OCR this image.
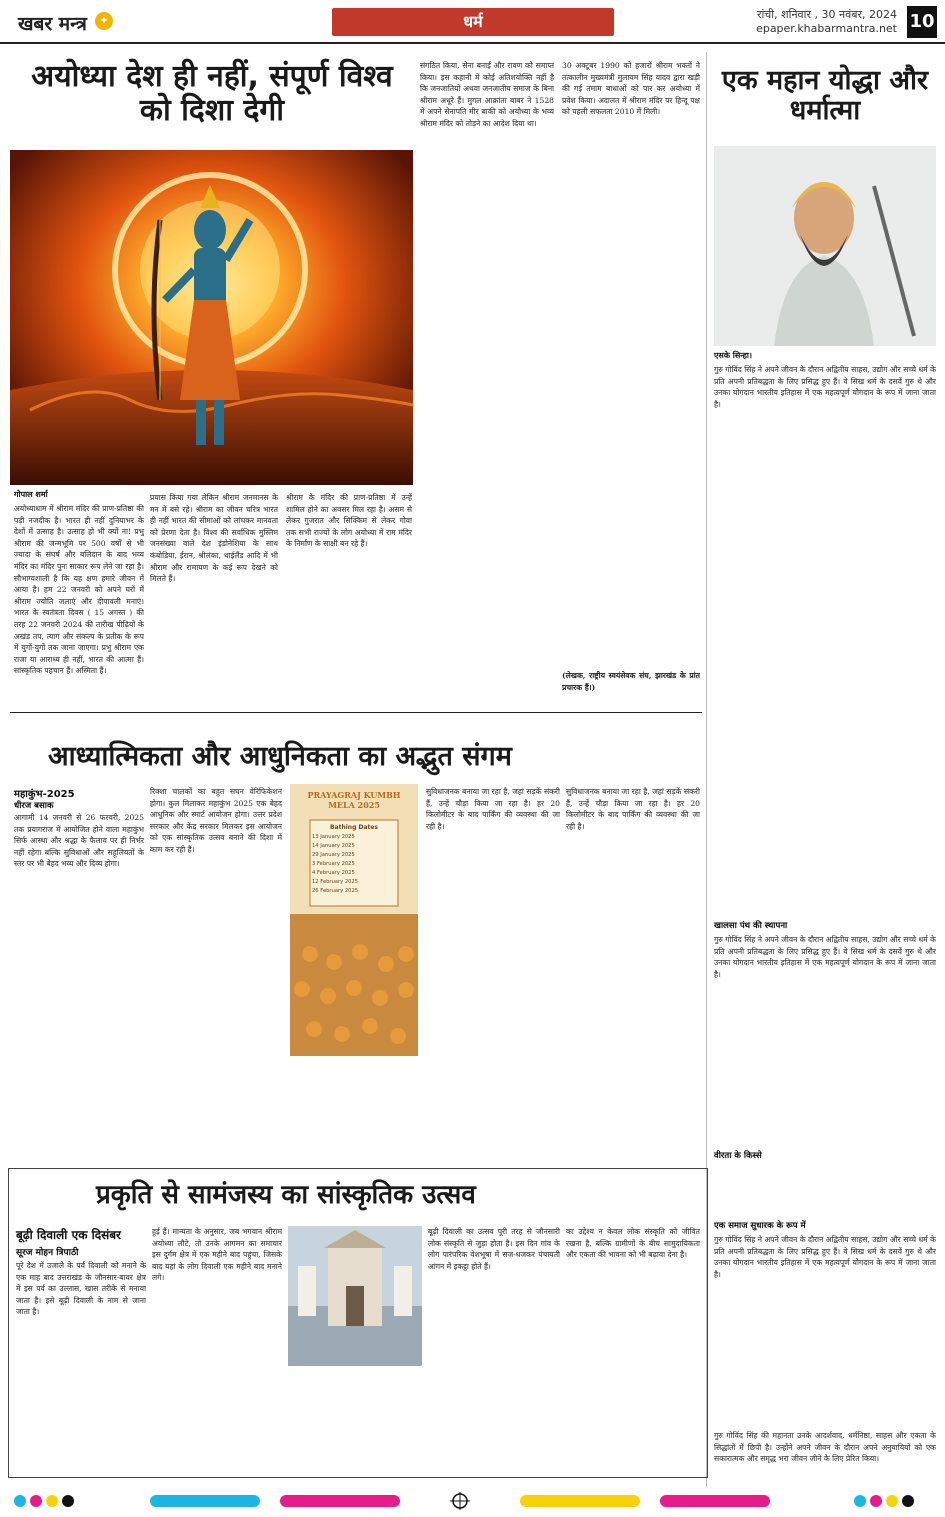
खबर मन्त्र	✦	धर्म	रांची, शनिवार , 30 नवंबर, 2024
epaper.khabarmantra.net 10
अयोध्या देश ही नहीं, संपूर्ण विश्व को दिशा देगी
गोपाल शर्मा
अयोध्याधाम में श्रीराम मंदिर की प्राण-प्रतिष्ठा की पड़ी नजदीक है। भारत ही नहीं दुनियाभर के देशों में उत्साह है। उत्साह हो भी क्यों ना! प्रभु श्रीराम की जन्मभूमि पर 500 वर्षों से भी ज्यादा के संघर्ष और बलिदान के बाद भव्य मंदिर का मंदिर पुनः साकार रूप लेने जा रहा है। सौभाग्यशाली है कि यह क्षण हमारे जीवन में आया है। हम 22 जनवरी को अपने घरों में श्रीराम ज्योति जलाएं और दीपावली मनाएं। भारत के स्वतंत्रता दिवस ( 15 अगस्त ) की तरह 22 जनवरी 2024 की तारीख पीढ़ियों के अखंड तप, त्याग और संकल्प के प्रतीक के रूप में युगों-युगों तक जाना जाएगा। प्रभु श्रीराम एक राजा या आराध्य ही नहीं, भारत की आत्मा हैं। सांस्कृतिक पहचान हैं। अस्मिता हैं।
प्रयास किया गया लेकिन श्रीराम जनमानस के मन में बसे रहे। श्रीराम का जीवन चरित्र भारत ही नहीं भारत की सीमाओं को लांघकर मानवता को प्रेरणा देता है। विश्व की सर्वाधिक मुस्लिम जनसंख्या वाले देश इंडोनेशिया के साथ कंबोडिया, ईरान, श्रीलंका, थाईलैंड आदि में भी श्रीराम और रामायण के कई रूप देखने को मिलते हैं।
श्रीराम के मंदिर की प्राण-प्रतिष्ठा में उन्हें शामिल होने का अवसर मिल रहा है। असम से लेकर गुजरात और सिक्किम से लेकर गोवा तक सभी राज्यों के लोग अयोध्या में राम मंदिर के निर्माण के साक्षी बन रहे हैं।
संगठित किया, सेना बनाई और रावण को समाप्त किया। इस कहानी में कोई अतिशयोक्ति नहीं है कि जनजातियों अथवा जनजातीय समाज के बिना श्रीराम अधूरे हैं। मुगल आक्रांता बाबर ने 1528 में अपने सेनापति मीर बाकी को अयोध्या के भव्य श्रीराम मंदिर को तोड़ने का आदेश दिया था।
30 अक्टूबर 1990 को हजारों श्रीराम भक्तों ने तत्कालीन मुख्यमंत्री मुलायम सिंह यादव द्वारा खड़ी की गई तमाम बाधाओं को पार कर अयोध्या में प्रवेश किया। अदालत में श्रीराम मंदिर पर हिन्दू पक्ष को पहली सफलता 2010 में मिली।
(लेखक, राष्ट्रीय स्वयंसेवक संघ, झारखंड के प्रांत प्रचारक हैं।)
आध्यात्मिकता और आधुनिकता का अद्भुत संगम
महाकुंभ-2025
धीरज बसाक
आगामी 14 जनवरी से 26 फरवरी, 2025 तक प्रयागराज में आयोजित होने वाला महाकुंभ सिर्फ आस्था और श्रद्धा के फैलाव पर ही निर्भर नहीं रहेगा बल्कि सुविधाओं और सहूलियतों के स्तर पर भी बेहद भव्य और दिव्य होगा।
रिक्शा चालकों का बहुत सघन वेरिफिकेशन होगा। कुल मिलाकर महाकुंभ 2025 एक बेहद आधुनिक और स्मार्ट आयोजन होगा। उत्तर प्रदेश सरकार और केंद्र सरकार मिलकर इस आयोजन को एक सांस्कृतिक उत्सव बनाने की दिशा में काम कर रही हैं।
PRAYAGRAJ KUMBH
MELA 2025
Bathing Dates
13 January 2025
14 January 2025
29 January 2025
3 February 2025
4 February 2025
12 February 2025
26 February 2025
सुविधाजनक बनाया जा रहा है, जहां सड़कें संकरी हैं, उन्हें चौड़ा किया जा रहा है। हर 20 किलोमीटर के बाद पार्किंग की व्यवस्था की जा रही है।
सुविधाजनक बनाया जा रहा है, जहां सड़कें संकरी हैं, उन्हें चौड़ा किया जा रहा है। हर 20 किलोमीटर के बाद पार्किंग की व्यवस्था की जा रही है।
प्रकृति से सामंजस्य का सांस्कृतिक उत्सव
बूढ़ी दिवाली एक दिसंबर
सूरज मोहन त्रिपाठी
पूरे देश में उजाले के पर्व दिवाली को मनाने के एक माह बाद उत्तराखंड के जौनसार-बावर क्षेत्र में इस पर्व का उल्लास, खास तरीके से मनाया जाता है। इसे बूढ़ी दिवाली के नाम से जाना जाता है।
हुई हैं। मान्यता के अनुसार, जब भगवान श्रीराम अयोध्या लौटे, तो उनके आगमन का समाचार इस दुर्गम क्षेत्र में एक महीने बाद पहुंचा, जिसके बाद यहां के लोग दिवाली एक महीने बाद मनाने लगे।
बूढ़ी दिवाली का उत्सव पूरी तरह से जौनसारी लोक संस्कृति से जुड़ा होता है। इस दिन गांव के लोग पारंपरिक वेशभूषा में सज-धजकर पंचायती आंगन में इकट्ठा होते हैं।
का उद्देश्य न केवल लोक संस्कृति को जीवित रखना है, बल्कि ग्रामीणों के बीच सामुदायिकता और एकता की भावना को भी बढ़ावा देना है।
एक महान योद्धा और धर्मात्मा
एसके सिन्हा।
गुरु गोविंद सिंह ने अपने जीवन के दौरान अद्वितीय साहस, उद्योग और सच्चे धर्म के प्रति अपनी प्रतिबद्धता के लिए प्रसिद्ध हुए हैं। वे सिख धर्म के दसवें गुरु थे और उनका योगदान भारतीय इतिहास में एक महत्वपूर्ण योगदान के रूप में जाना जाता है।
खालसा पंथ की स्थापना
गुरु गोविंद सिंह ने अपने जीवन के दौरान अद्वितीय साहस, उद्योग और सच्चे धर्म के प्रति अपनी प्रतिबद्धता के लिए प्रसिद्ध हुए हैं। वे सिख धर्म के दसवें गुरु थे और उनका योगदान भारतीय इतिहास में एक महत्वपूर्ण योगदान के रूप में जाना जाता है।
वीरता के किस्से
एक समाज सुधारक के रूप में
गुरु गोविंद सिंह ने अपने जीवन के दौरान अद्वितीय साहस, उद्योग और सच्चे धर्म के प्रति अपनी प्रतिबद्धता के लिए प्रसिद्ध हुए हैं। वे सिख धर्म के दसवें गुरु थे और उनका योगदान भारतीय इतिहास में एक महत्वपूर्ण योगदान के रूप में जाना जाता है।
गुरु गोविंद सिंह की महानता उनके आदर्शवाद, धर्मनिष्ठा, साहस और एकता के सिद्धांतों में छिपी है। उन्होंने अपने जीवन के दौरान अपने अनुयायियों को एक सकारात्मक और समृद्ध भरा जीवन जीने के लिए प्रेरित किया।
